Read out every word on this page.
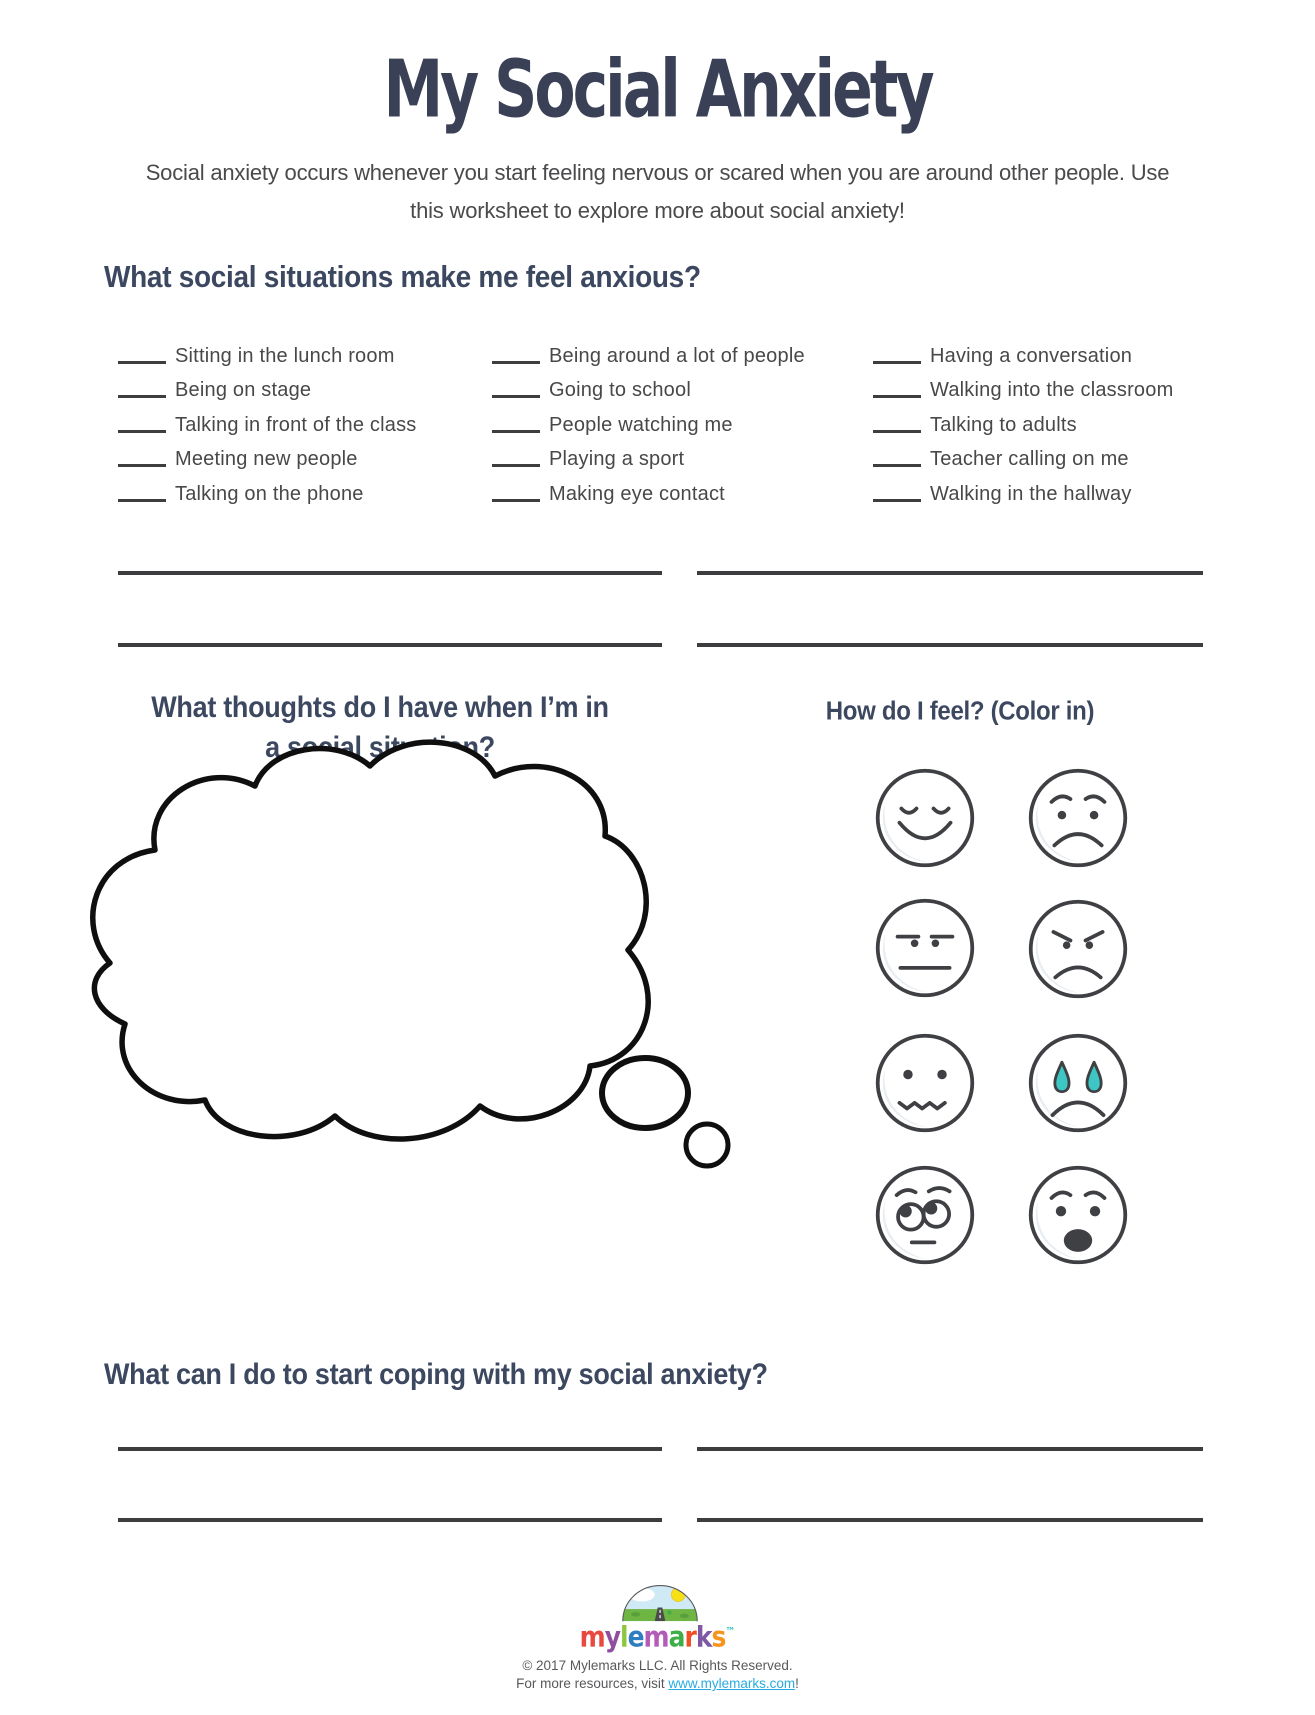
My Social Anxiety
Social anxiety occurs whenever you start feeling nervous or scared when you are around other people. Use
this worksheet to explore more about social anxiety!
What social situations make me feel anxious?
Sitting in the lunch room
Being on stage
Talking in front of the class
Meeting new people
Talking on the phone
Being around a lot of people
Going to school
People watching me
Playing a sport
Making eye contact
Having a conversation
Walking into the classroom
Talking to adults
Teacher calling on me
Walking in the hallway
What thoughts do I have when I’m in
a social situation?
How do I feel? (Color in)
What can I do to start coping with my social anxiety?
mylemarks™
© 2017 Mylemarks LLC. All Rights Reserved.
For more resources, visit www.mylemarks.com!
